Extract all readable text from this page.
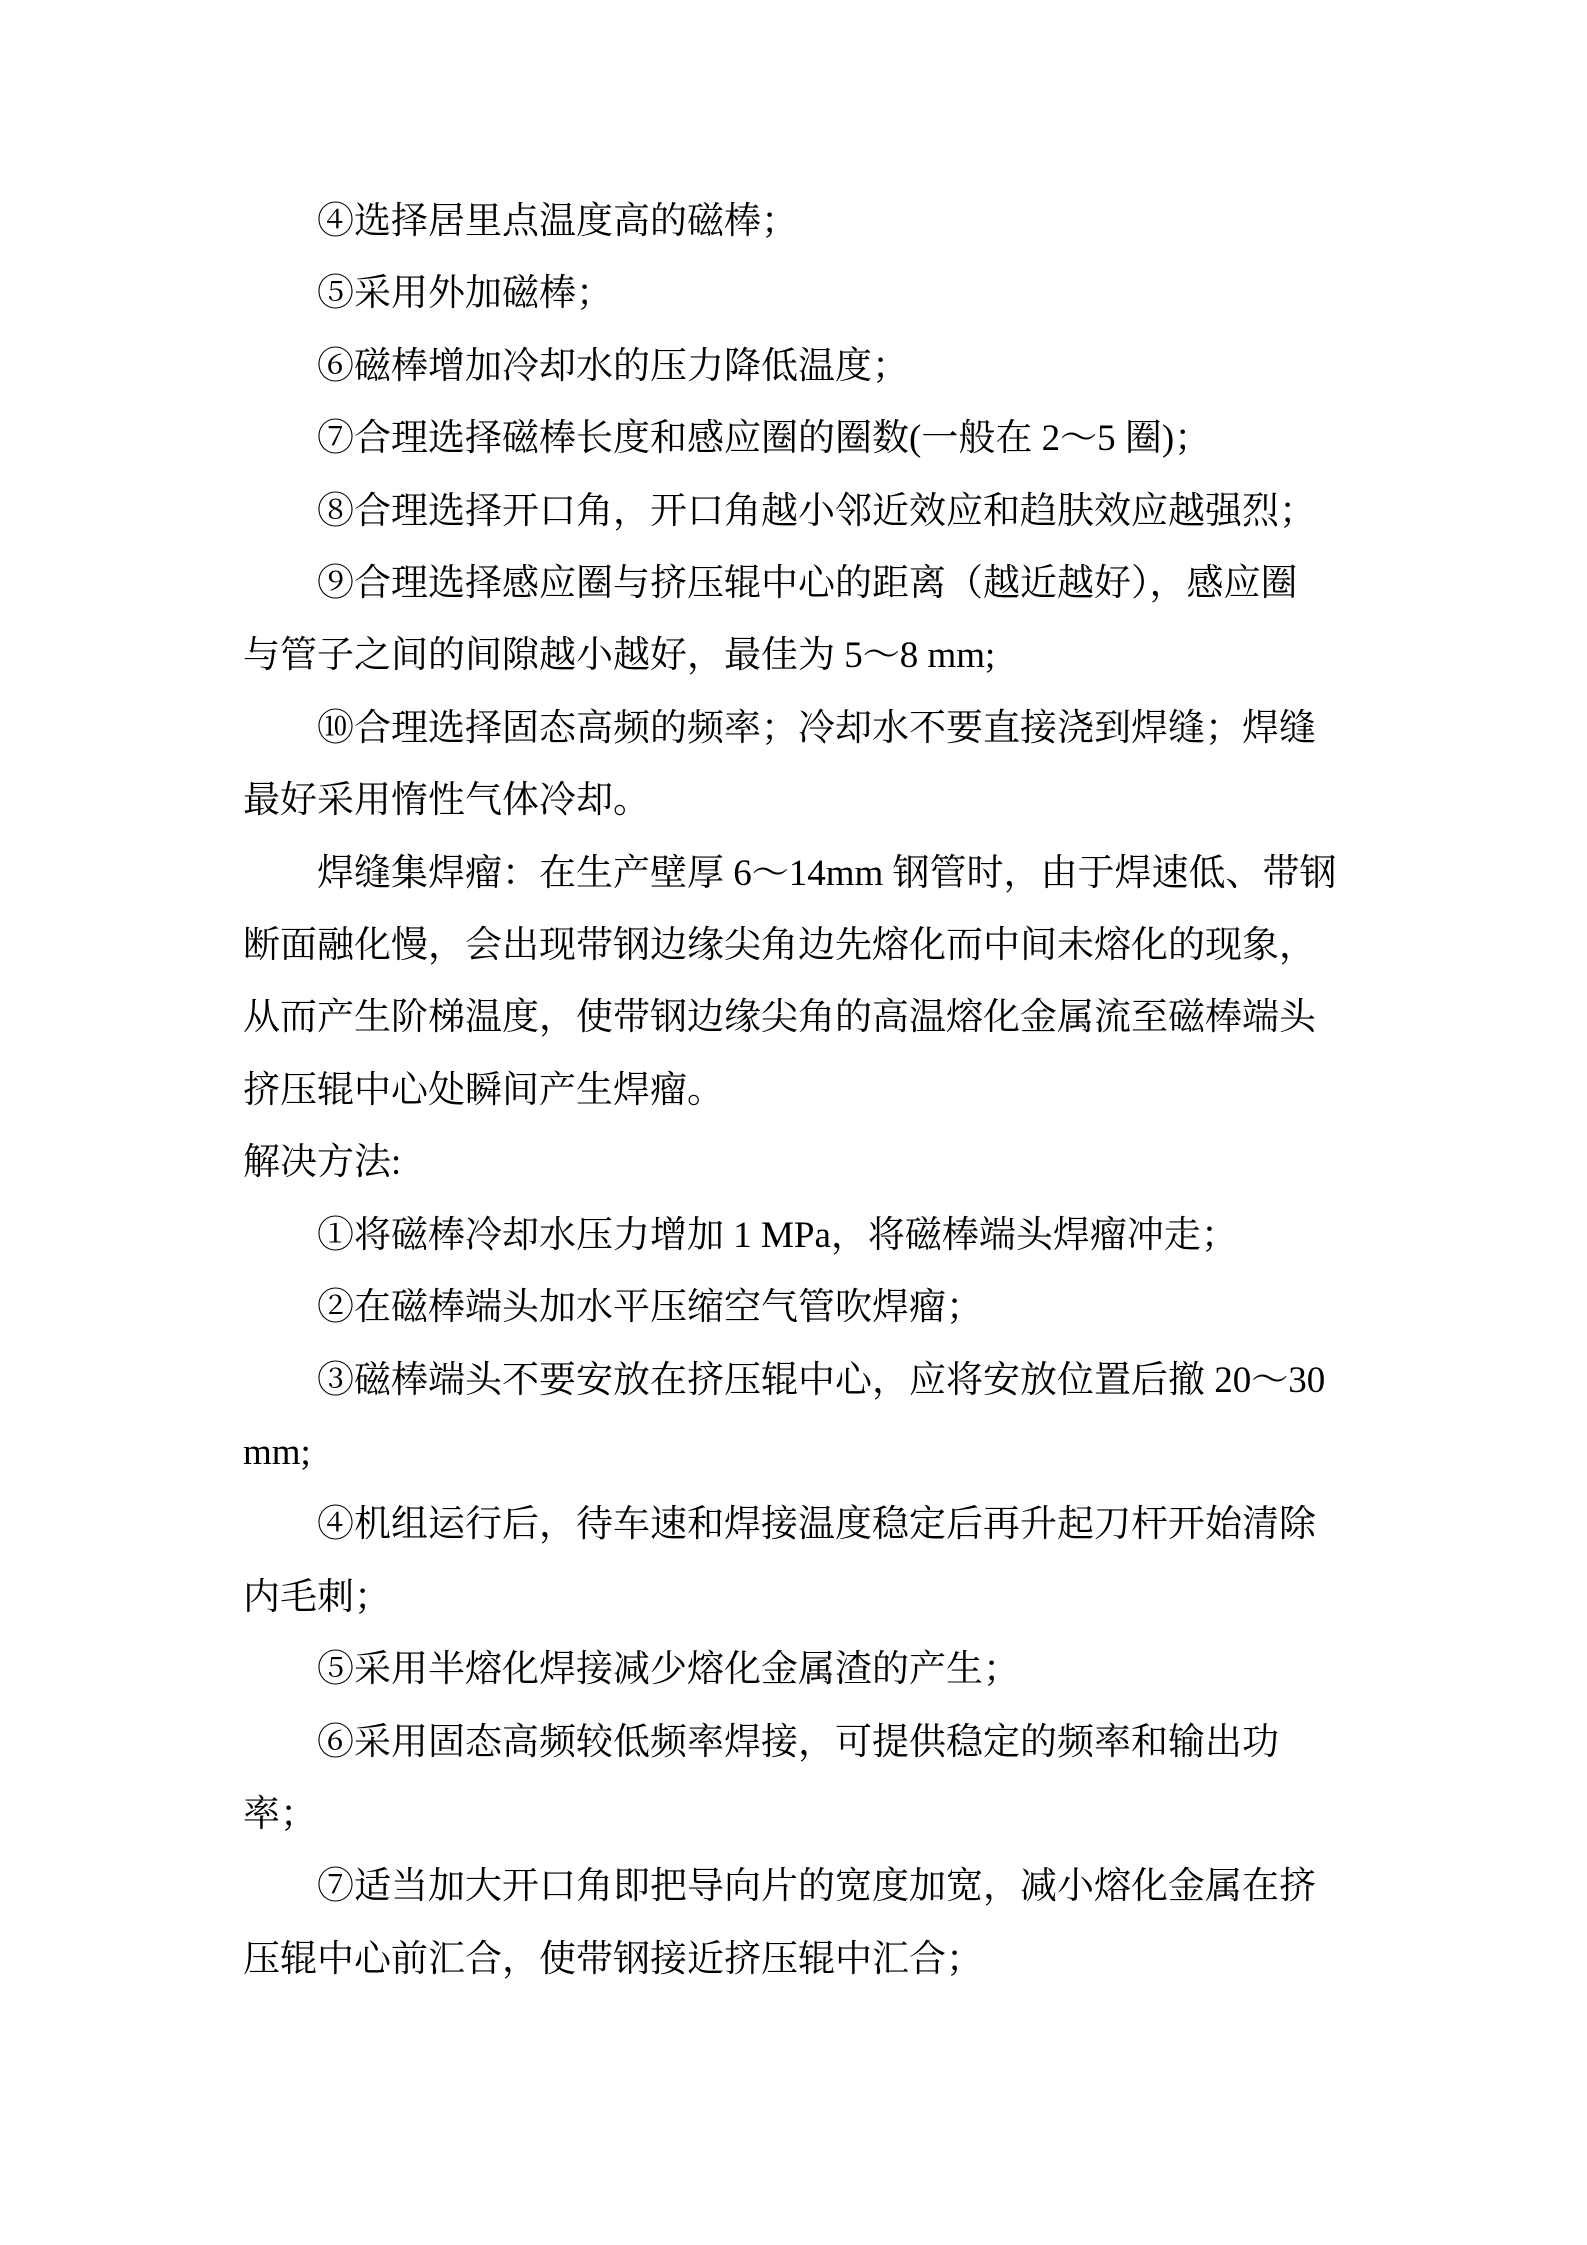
④选择居里点温度高的磁棒；
⑤采用外加磁棒；
⑥磁棒增加冷却水的压力降低温度；
⑦合理选择磁棒长度和感应圈的圈数(一般在 2～5 圈)；
⑧合理选择开口角，开口角越小邻近效应和趋肤效应越强烈；
⑨合理选择感应圈与挤压辊中心的距离（越近越好），感应圈
与管子之间的间隙越小越好，最佳为 5～8 mm;
⑩合理选择固态高频的频率；冷却水不要直接浇到焊缝；焊缝
最好采用惰性气体冷却。
焊缝集焊瘤：在生产壁厚 6～14mm 钢管时，由于焊速低、带钢
断面融化慢，会出现带钢边缘尖角边先熔化而中间未熔化的现象，
从而产生阶梯温度，使带钢边缘尖角的高温熔化金属流至磁棒端头
挤压辊中心处瞬间产生焊瘤。
解决方法:
①将磁棒冷却水压力增加 1 MPa，将磁棒端头焊瘤冲走；
②在磁棒端头加水平压缩空气管吹焊瘤；
③磁棒端头不要安放在挤压辊中心，应将安放位置后撤 20～30
mm;
④机组运行后，待车速和焊接温度稳定后再升起刀杆开始清除
内毛刺；
⑤采用半熔化焊接减少熔化金属渣的产生；
⑥采用固态高频较低频率焊接，可提供稳定的频率和输出功
率；
⑦适当加大开口角即把导向片的宽度加宽，减小熔化金属在挤
压辊中心前汇合，使带钢接近挤压辊中汇合；
